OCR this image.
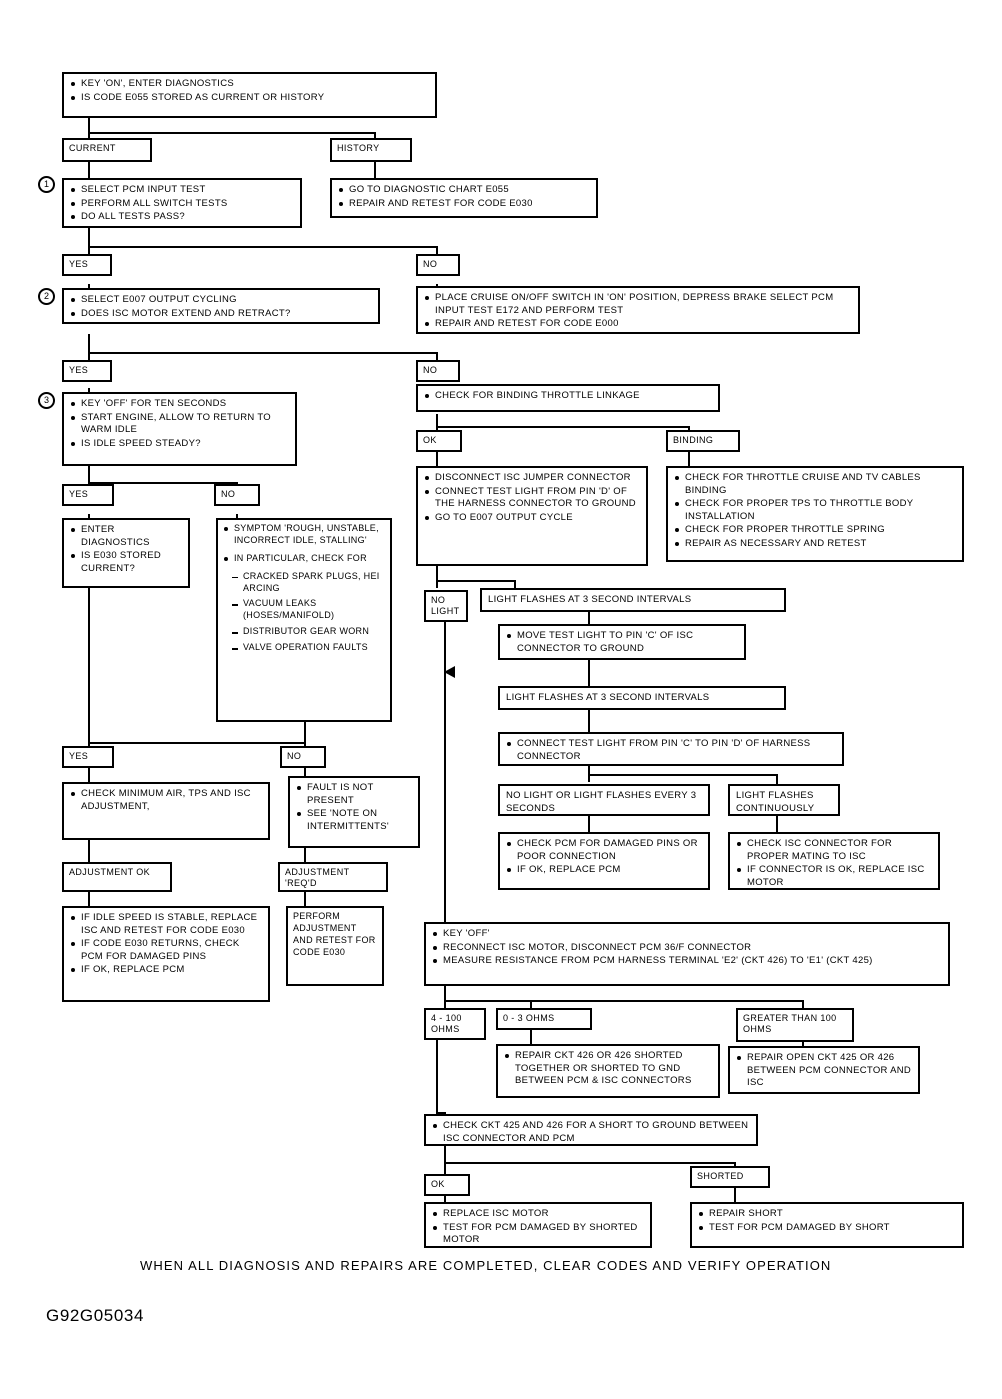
1
2
3
KEY 'ON', ENTER DIAGNOSTICS
IS CODE E055 STORED AS CURRENT OR HISTORY
CURRENT	HISTORY
SELECT PCM INPUT TEST
PERFORM ALL SWITCH TESTS
DO ALL TESTS PASS?
GO TO DIAGNOSTIC CHART E055
REPAIR AND RETEST FOR CODE E030
YES	NO
SELECT E007 OUTPUT CYCLING
DOES ISC MOTOR EXTEND AND RETRACT?
PLACE CRUISE ON/OFF SWITCH IN 'ON' POSITION, DEPRESS BRAKE SELECT PCM INPUT TEST E172 AND PERFORM TEST
REPAIR AND RETEST FOR CODE E000
YES	NO
KEY 'OFF' FOR TEN SECONDS
START ENGINE, ALLOW TO RETURN TO WARM IDLE
IS IDLE SPEED STEADY?
CHECK FOR BINDING THROTTLE LINKAGE
OK	BINDING
YES	NO
ENTER DIAGNOSTICS
IS E030 STORED CURRENT?
SYMPTOM 'ROUGH, UNSTABLE, INCORRECT IDLE, STALLING'
IN PARTICULAR, CHECK FOR
CRACKED SPARK PLUGS, HEI ARCING
VACUUM LEAKS (HOSES/MANIFOLD)
DISTRIBUTOR GEAR WORN
VALVE OPERATION FAULTS
DISCONNECT ISC JUMPER CONNECTOR
CONNECT TEST LIGHT FROM PIN 'D' OF THE HARNESS CONNECTOR TO GROUND
GO TO E007 OUTPUT CYCLE
CHECK FOR THROTTLE CRUISE AND TV CABLES BINDING
CHECK FOR PROPER TPS TO THROTTLE BODY INSTALLATION
CHECK FOR PROPER THROTTLE SPRING
REPAIR AS NECESSARY AND RETEST
NO LIGHT
LIGHT FLASHES AT 3 SECOND INTERVALS
MOVE TEST LIGHT TO PIN 'C' OF ISC CONNECTOR TO GROUND
LIGHT FLASHES AT 3 SECOND INTERVALS
CONNECT TEST LIGHT FROM PIN 'C' TO PIN 'D' OF HARNESS CONNECTOR
NO LIGHT OR LIGHT FLASHES EVERY 3 SECONDS
LIGHT FLASHES CONTINUOUSLY
CHECK PCM FOR DAMAGED PINS OR POOR CONNECTION
IF OK, REPLACE PCM
CHECK ISC CONNECTOR FOR PROPER MATING TO ISC
IF CONNECTOR IS OK, REPLACE ISC MOTOR
YES	NO
CHECK MINIMUM AIR, TPS AND ISC ADJUSTMENT,
FAULT IS NOT PRESENT
SEE 'NOTE ON INTERMITTENTS'
ADJUSTMENT OK	ADJUSTMENT 'REQ'D
IF IDLE SPEED IS STABLE, REPLACE ISC AND RETEST FOR CODE E030
IF CODE E030 RETURNS, CHECK PCM FOR DAMAGED PINS
IF OK, REPLACE PCM
PERFORM ADJUSTMENT AND RETEST FOR CODE E030
KEY 'OFF'
RECONNECT ISC MOTOR, DISCONNECT PCM 36/F CONNECTOR
MEASURE RESISTANCE FROM PCM HARNESS TERMINAL 'E2' (CKT 426) TO 'E1' (CKT 425)
4 - 100 OHMS
0 - 3 OHMS	GREATER THAN 100 OHMS
REPAIR CKT 426 OR 426 SHORTED TOGETHER OR SHORTED TO GND BETWEEN PCM & ISC CONNECTORS
REPAIR OPEN CKT 425 OR 426 BETWEEN PCM CONNECTOR AND ISC
CHECK CKT 425 AND 426 FOR A SHORT TO GROUND BETWEEN ISC CONNECTOR AND PCM
OK
SHORTED
REPLACE ISC MOTOR
TEST FOR PCM DAMAGED BY SHORTED MOTOR
REPAIR SHORT
TEST FOR PCM DAMAGED BY SHORT
WHEN ALL DIAGNOSIS AND REPAIRS ARE COMPLETED, CLEAR CODES AND VERIFY OPERATION
G92G05034
